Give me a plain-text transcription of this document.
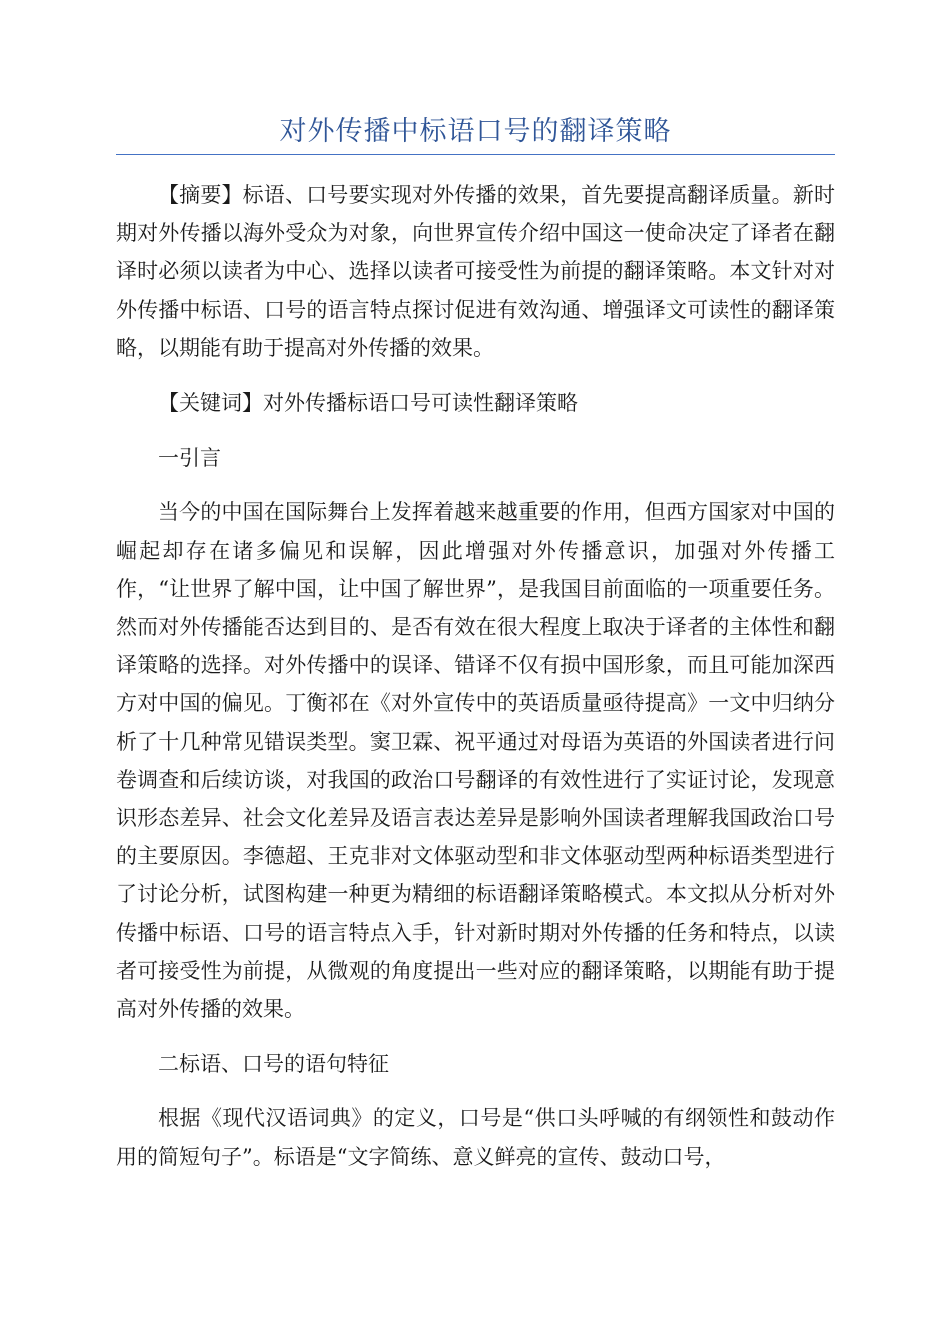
对外传播中标语口号的翻译策略

【摘要】标语、口号要实现对外传播的效果，首先要提高翻译质量。新时期对外传播以海外受众为对象，向世界宣传介绍中国这一使命决定了译者在翻译时必须以读者为中心、选择以读者可接受性为前提的翻译策略。本文针对对外传播中标语、口号的语言特点探讨促进有效沟通、增强译文可读性的翻译策略，以期能有助于提高对外传播的效果。

【关键词】对外传播标语口号可读性翻译策略

一引言

当今的中国在国际舞台上发挥着越来越重要的作用，但西方国家对中国的崛起却存在诸多偏见和误解，因此增强对外传播意识，加强对外传播工作，“让世界了解中国，让中国了解世界”，是我国目前面临的一项重要任务。然而对外传播能否达到目的、是否有效在很大程度上取决于译者的主体性和翻译策略的选择。对外传播中的误译、错译不仅有损中国形象，而且可能加深西方对中国的偏见。丁衡祁在《对外宣传中的英语质量亟待提高》一文中归纳分析了十几种常见错误类型。窦卫霖、祝平通过对母语为英语的外国读者进行问卷调查和后续访谈，对我国的政治口号翻译的有效性进行了实证讨论，发现意识形态差异、社会文化差异及语言表达差异是影响外国读者理解我国政治口号的主要原因。李德超、王克非对文体驱动型和非文体驱动型两种标语类型进行了讨论分析，试图构建一种更为精细的标语翻译策略模式。本文拟从分析对外传播中标语、口号的语言特点入手，针对新时期对外传播的任务和特点，以读者可接受性为前提，从微观的角度提出一些对应的翻译策略，以期能有助于提高对外传播的效果。

二标语、口号的语句特征

根据《现代汉语词典》的定义，口号是“供口头呼喊的有纲领性和鼓动作用的简短句子”。标语是“文字简练、意义鲜亮的宣传、鼓动口号，
